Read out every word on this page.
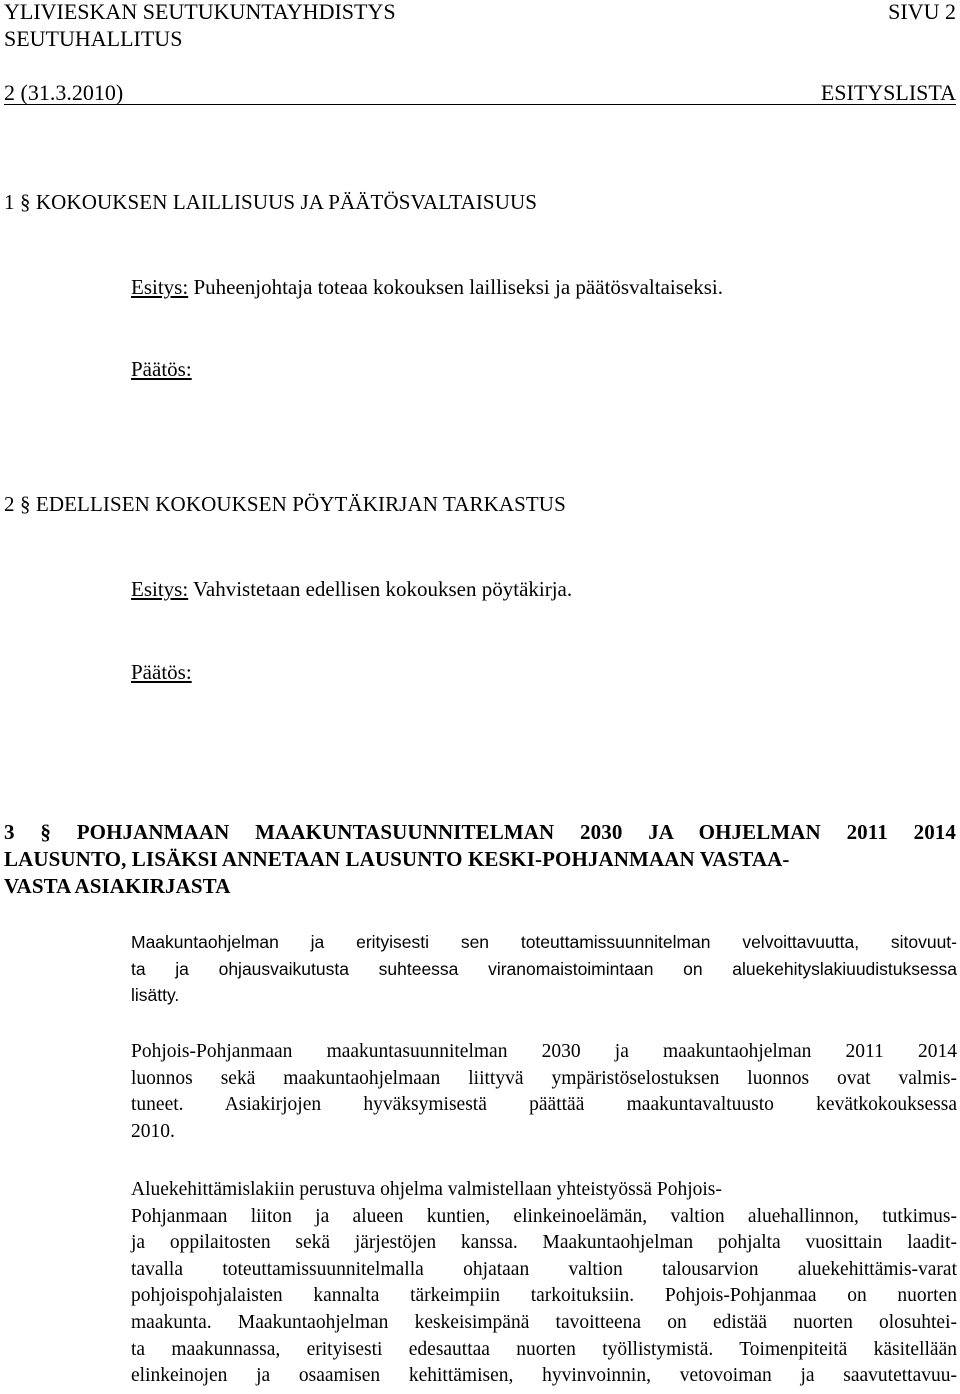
YLIVIESKAN SEUTUKUNTAYHDISTYS	SIVU 2
SEUTUHALLITUS
2 (31.3.2010)	ESITYSLISTA
1 § KOKOUKSEN LAILLISUUS JA PÄÄTÖSVALTAISUUS
Esitys: Puheenjohtaja toteaa kokouksen lailliseksi ja päätösvaltaiseksi.
Päätös:
2 § EDELLISEN KOKOUKSEN PÖYTÄKIRJAN TARKASTUS
Esitys: Vahvistetaan edellisen kokouksen pöytäkirja.
Päätös:
3 § POHJANMAAN MAAKUNTASUUNNITELMAN 2030 JA OHJELMAN 2011 2014
LAUSUNTO, LISÄKSI ANNETAAN LAUSUNTO KESKI-POHJANMAAN VASTAA-
VASTA ASIAKIRJASTA
Maakuntaohjelman ja erityisesti sen toteuttamissuunnitelman velvoittavuutta, sitovuut-
ta ja ohjausvaikutusta suhteessa viranomaistoimintaan on aluekehityslakiuudistuksessa
lisätty.
Pohjois-Pohjanmaan maakuntasuunnitelman 2030 ja maakuntaohjelman 2011 2014
luonnos sekä maakuntaohjelmaan liittyvä ympäristöselostuksen luonnos ovat valmis-
tuneet. Asiakirjojen hyväksymisestä päättää maakuntavaltuusto kevätkokouksessa
2010.
Aluekehittämislakiin perustuva ohjelma valmistellaan yhteistyössä Pohjois-
Pohjanmaan liiton ja alueen kuntien, elinkeinoelämän, valtion aluehallinnon, tutkimus-
ja oppilaitosten sekä järjestöjen kanssa. Maakuntaohjelman pohjalta vuosittain laadit-
tavalla toteuttamissuunnitelmalla ohjataan valtion talousarvion aluekehittämis-varat
pohjoispohjalaisten kannalta tärkeimpiin tarkoituksiin. Pohjois-Pohjanmaa on nuorten
maakunta. Maakuntaohjelman keskeisimpänä tavoitteena on edistää nuorten olosuhtei-
ta maakunnassa, erityisesti edesauttaa nuorten työllistymistä. Toimenpiteitä käsitellään
elinkeinojen ja osaamisen kehittämisen, hyvinvoinnin, vetovoiman ja saavutettavuu-
